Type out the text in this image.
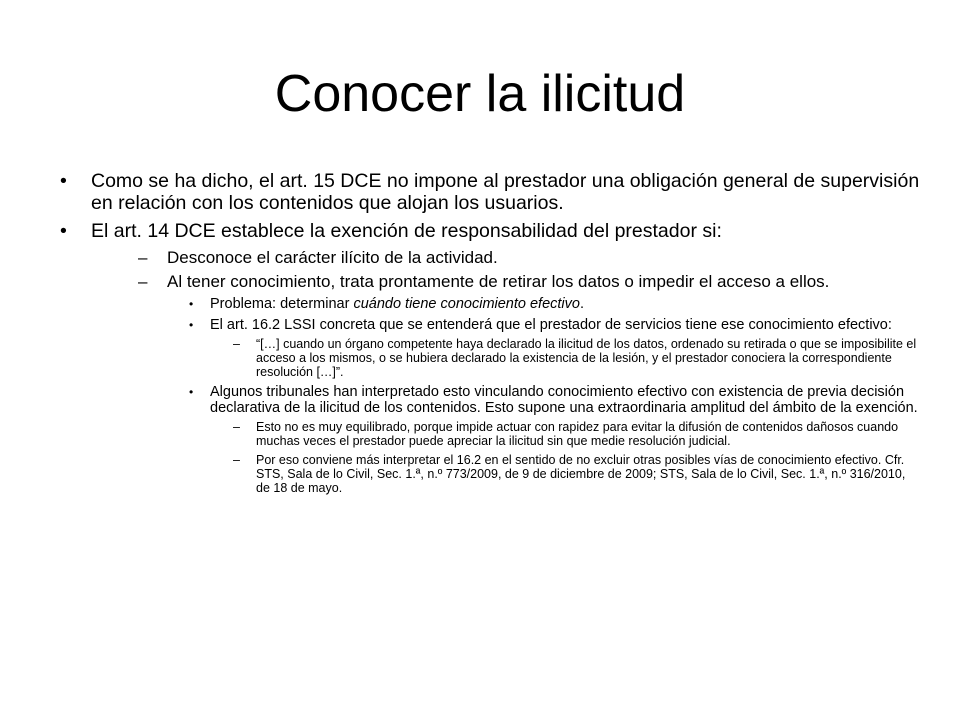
Conocer la ilicitud
• Como se ha dicho, el art. 15 DCE no impone al prestador una obligación general de supervisión en relación con los contenidos que alojan los usuarios.
• El art. 14 DCE establece la exención de responsabilidad del prestador si:
– Desconoce el carácter ilícito de la actividad.
– Al tener conocimiento, trata prontamente de retirar los datos o impedir el acceso a ellos.
• Problema: determinar cuándo tiene conocimiento efectivo.
• El art. 16.2 LSSI concreta que se entenderá que el prestador de servicios tiene ese conocimiento efectivo:
– “[…] cuando un órgano competente haya declarado la ilicitud de los datos, ordenado su retirada o que se imposibilite el acceso a los mismos, o se hubiera declarado la existencia de la lesión, y el prestador conociera la correspondiente resolución […]”.
• Algunos tribunales han interpretado esto vinculando conocimiento efectivo con existencia de previa decisión declarativa de la ilicitud de los contenidos. Esto supone una extraordinaria amplitud del ámbito de la exención.
– Esto no es muy equilibrado, porque impide actuar con rapidez para evitar la difusión de contenidos dañosos cuando muchas veces el prestador puede apreciar la ilicitud sin que medie resolución judicial.
– Por eso conviene más interpretar el 16.2 en el sentido de no excluir otras posibles vías de conocimiento efectivo. Cfr. STS, Sala de lo Civil, Sec. 1.ª, n.º 773/2009, de 9 de diciembre de 2009; STS, Sala de lo Civil, Sec. 1.ª, n.º 316/2010, de 18 de mayo.
